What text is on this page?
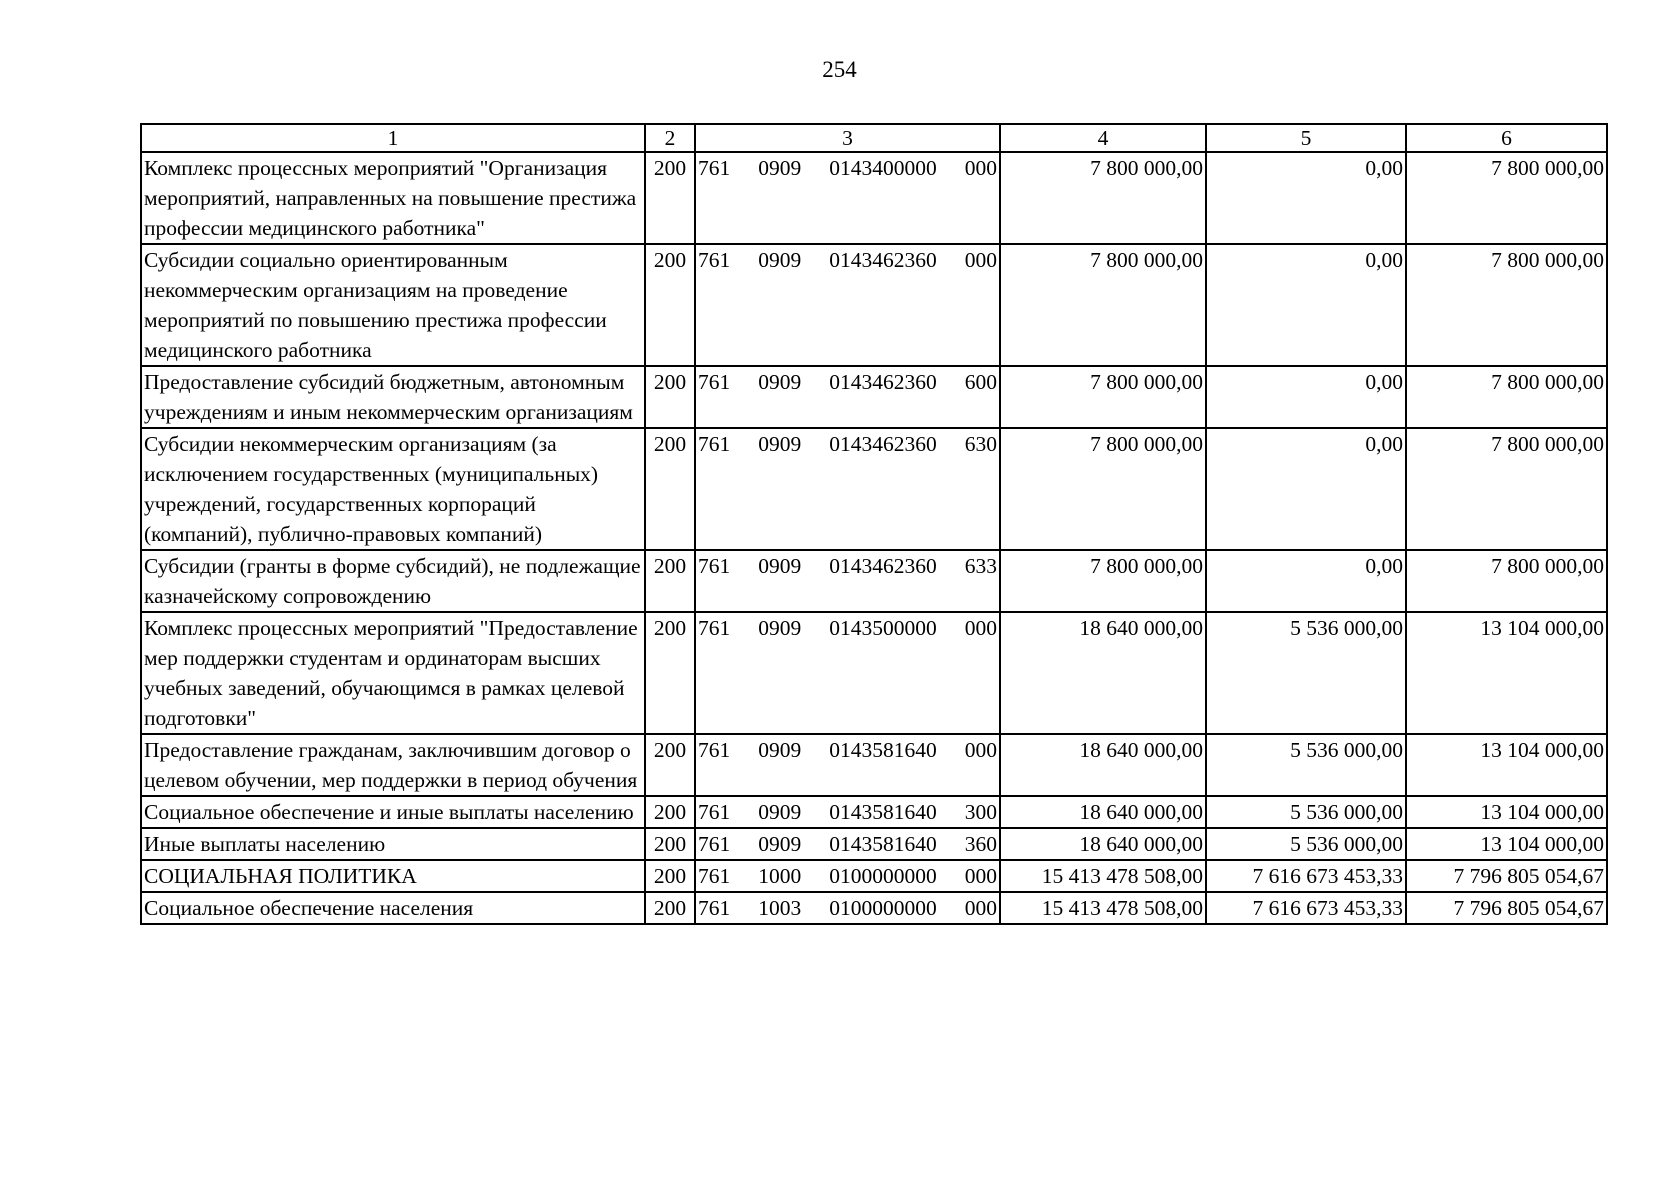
254
1	2	3	4	5	6
Комплекс процессных мероприятий "Организация мероприятий, направленных на повышение престижа профессии медицинского работника"	200	761 0909 0143400000 000	7 800 000,00	0,00	7 800 000,00
Субсидии социально ориентированным некоммерческим организациям на проведение мероприятий по повышению престижа профессии медицинского работника	200	761 0909 0143462360 000	7 800 000,00	0,00	7 800 000,00
Предоставление субсидий бюджетным, автономным учреждениям и иным некоммерческим организациям	200	761 0909 0143462360 600	7 800 000,00	0,00	7 800 000,00
Субсидии некоммерческим организациям (за исключением государственных (муниципальных) учреждений, государственных корпораций (компаний), публично-правовых компаний)	200	761 0909 0143462360 630	7 800 000,00	0,00	7 800 000,00
Субсидии (гранты в форме субсидий), не подлежащие казначейскому сопровождению	200	761 0909 0143462360 633	7 800 000,00	0,00	7 800 000,00
Комплекс процессных мероприятий "Предоставление мер поддержки студентам и ординаторам высших учебных заведений, обучающимся в рамках целевой подготовки"	200	761 0909 0143500000 000	18 640 000,00	5 536 000,00	13 104 000,00
Предоставление гражданам, заключившим договор о целевом обучении, мер поддержки в период обучения	200	761 0909 0143581640 000	18 640 000,00	5 536 000,00	13 104 000,00
Социальное обеспечение и иные выплаты населению	200	761 0909 0143581640 300	18 640 000,00	5 536 000,00	13 104 000,00
Иные выплаты населению	200	761 0909 0143581640 360	18 640 000,00	5 536 000,00	13 104 000,00
СОЦИАЛЬНАЯ ПОЛИТИКА	200	761 1000 0100000000 000	15 413 478 508,00	7 616 673 453,33	7 796 805 054,67
Социальное обеспечение населения	200	761 1003 0100000000 000	15 413 478 508,00	7 616 673 453,33	7 796 805 054,67
